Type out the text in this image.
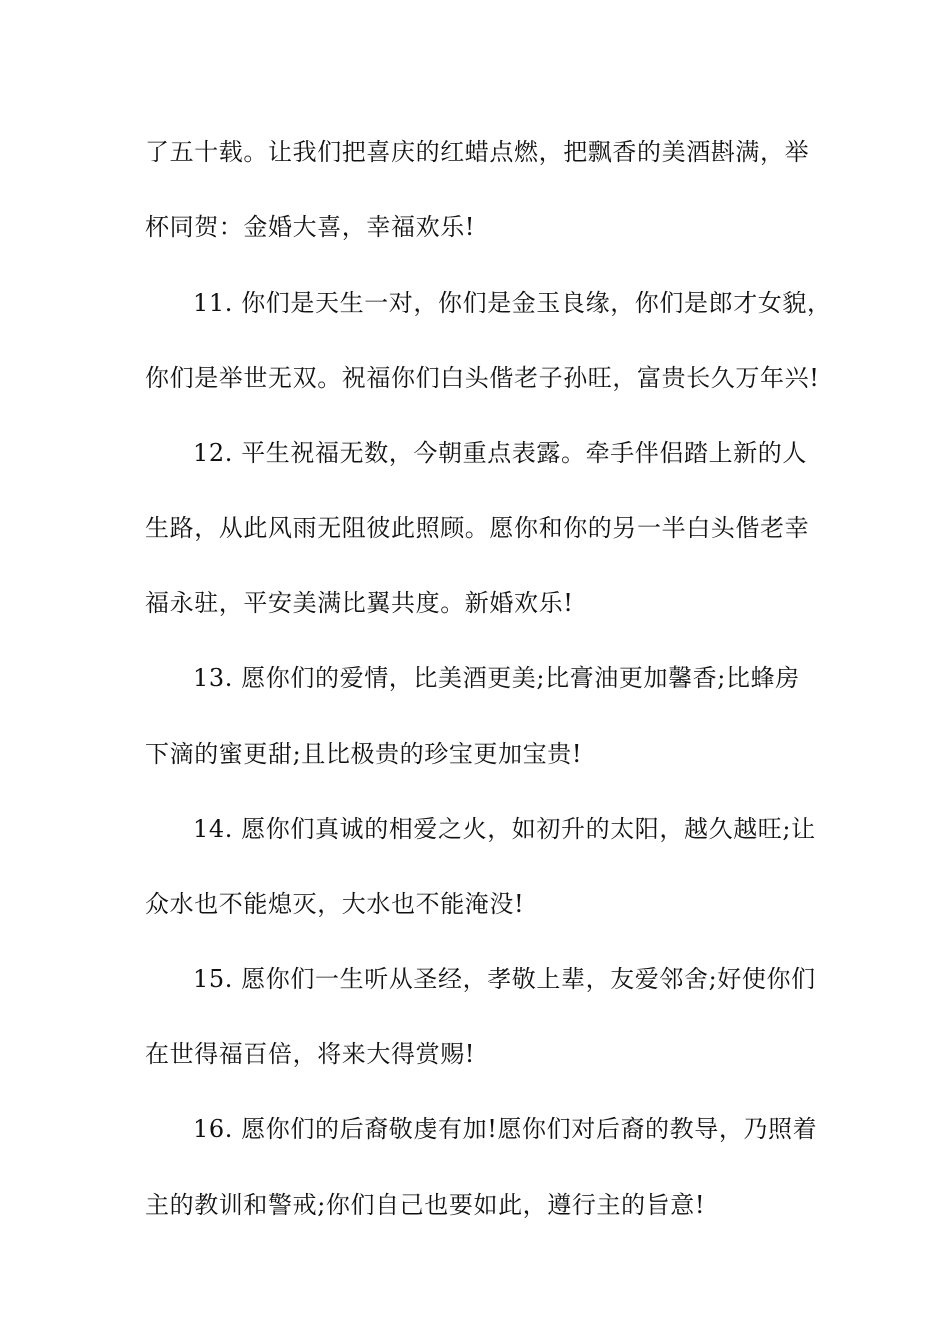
了五十载。让我们把喜庆的红蜡点燃，把飘香的美酒斟满，举
杯同贺：金婚大喜，幸福欢乐!
11. 你们是天生一对，你们是金玉良缘，你们是郎才女貌，
你们是举世无双。祝福你们白头偕老子孙旺，富贵长久万年兴!
12. 平生祝福无数，今朝重点表露。牵手伴侣踏上新的人
生路，从此风雨无阻彼此照顾。愿你和你的另一半白头偕老幸
福永驻，平安美满比翼共度。新婚欢乐!
13. 愿你们的爱情，比美酒更美;比膏油更加馨香;比蜂房
下滴的蜜更甜;且比极贵的珍宝更加宝贵!
14. 愿你们真诚的相爱之火，如初升的太阳，越久越旺;让
众水也不能熄灭，大水也不能淹没!
15. 愿你们一生听从圣经，孝敬上辈，友爱邻舍;好使你们
在世得福百倍，将来大得赏赐!
16. 愿你们的后裔敬虔有加!愿你们对后裔的教导，乃照着
主的教训和警戒;你们自己也要如此，遵行主的旨意!
